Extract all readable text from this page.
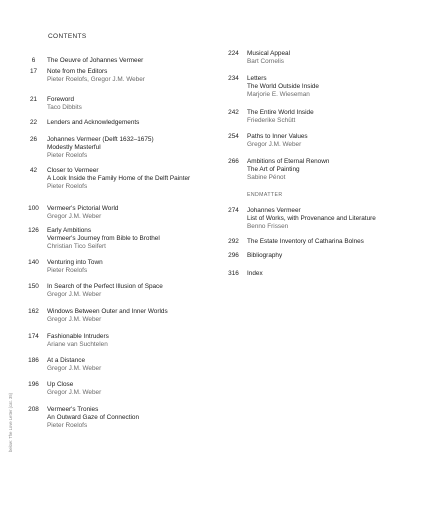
CONTENTS
6	The Oeuvre of Johannes Vermeer
17	Note from the Editors
Pieter Roelofs, Gregor J.M. Weber
21	Foreword
Taco Dibbits
22	Lenders and Acknowledgements
26	Johannes Vermeer (Delft 1632–1675)
Modestly Masterful
Pieter Roelofs
42	Closer to Vermeer
A Look Inside the Family Home of the Delft Painter
Pieter Roelofs
100	Vermeer's Pictorial World
Gregor J.M. Weber
126	Early Ambitions
Vermeer's Journey from Bible to Brothel
Christian Tico Seifert
140	Venturing into Town
Pieter Roelofs
150	In Search of the Perfect Illusion of Space
Gregor J.M. Weber
162	Windows Between Outer and Inner Worlds
Gregor J.M. Weber
174	Fashionable Intruders
Ariane van Suchtelen
186	At a Distance
Gregor J.M. Weber
196	Up Close
Gregor J.M. Weber
208	Vermeer's Tronies
An Outward Gaze of Connection
Pieter Roelofs
ENDMATTER
224	Musical Appeal
Bart Cornelis
234	Letters
The World Outside Inside
Marjorie E. Wieseman
242	The Entire World Inside
Friederike Schütt
254	Paths to Inner Values
Gregor J.M. Weber
266	Ambitions of Eternal Renown
The Art of Painting
Sabine Pénot
274	Johannes Vermeer
List of Works, with Provenance and Literature
Benno Frissen
292	The Estate Inventory of Catharina Bolnes
296	Bibliography
316	Index
below: The Love Letter (cat. 35)
